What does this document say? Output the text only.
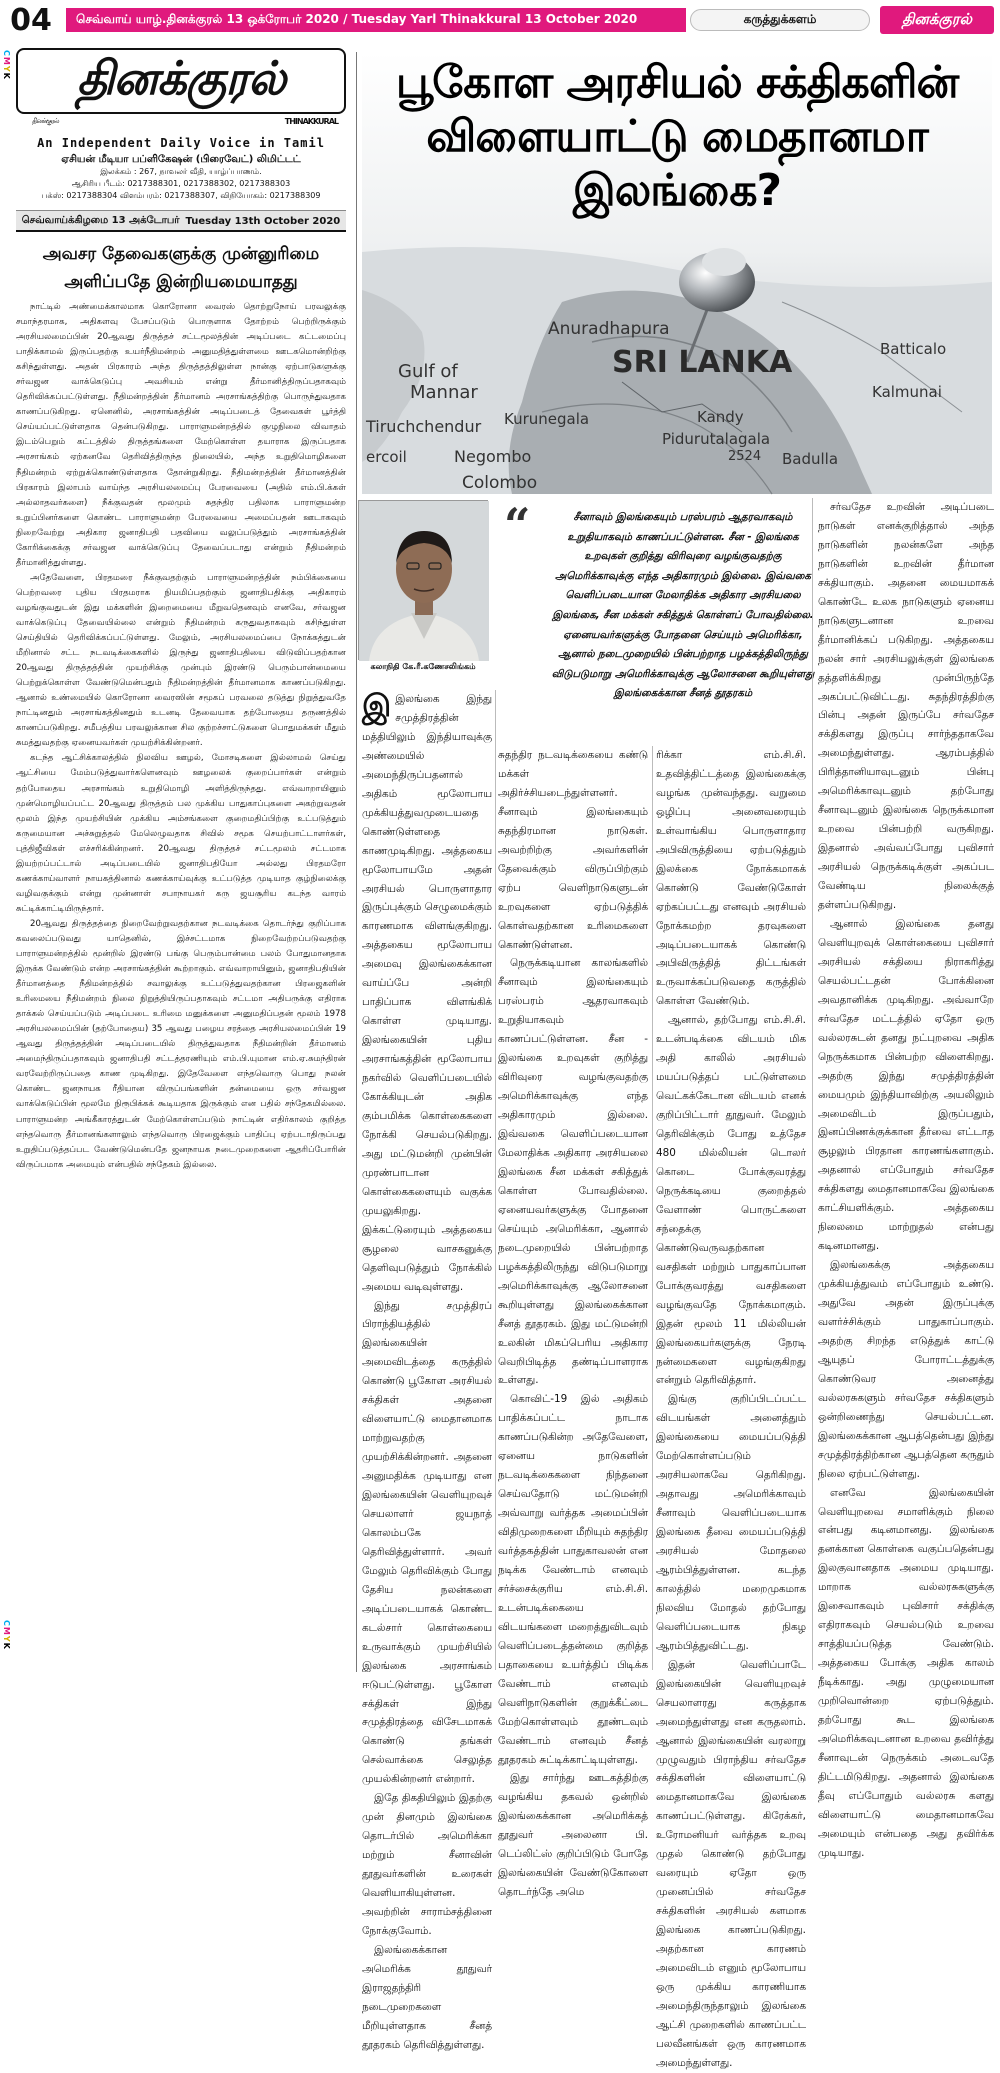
04	செவ்வாய் யாழ்.தினக்குரல் 13 ஒக்ரோபர் 2020 / Tuesday Yarl Thinakkural 13 October 2020	கருத்துக்களம்	தினக்குரல்
CMYK
CMYK
தினக்குரல்
தினக்குரல்	THINAKKURAL
An Independent Daily Voice in Tamil
ஏசியன் மீடியா பப்ளிகேஷன் (பிரைவேட்) லிமிட்டட்
இலக்கம் : 267, நாவலர் வீதி, யாழ்ப்பாணம்.
ஆசிரிய பீடம்: 0217388301, 0217388302, 0217388303
பக்ஸ்: 0217388304 விளம்பரம்: 0217388307, விநியோகம்: 0217388309
செவ்வாய்க்கிழமை 13 அக்டோபர் Tuesday 13th October 2020
அவசர தேவைகளுக்கு முன்னுரிமை
அளிப்பதே இன்றியமையாதது

நாட்டில் அண்மைக்காலமாக கொரோனா வைரஸ் தொற்றுநோய் பரவலுக்கு சமாந்தரமாக, அதிகளவு பேசப்படும் பொருளாக தோற்றம் பெற்றிருக்கும் அரசியலமைப்பின் 20ஆவது திருத்தச் சட்டமூலத்தின் அடிப்படை கட்டமைப்பு பாதிக்காமல் இருப்பதற்கு உயர்நீதிமன்றம் அனுமதித்துள்ளமை ஊடகமொன்றிற்கு கசிந்துள்ளது. அதன் பிரகாரம் அந்த திருத்தத்திலுள்ள நான்கு ஏற்பாடுகளுக்கு சர்வஜன வாக்கெடுப்பு அவசியம் என்று தீர்மானித்திருப்பதாகவும் தெரிவிக்கப்பட்டுள்ளது. நீதிமன்றத்தின் தீர்மானம் அரசாங்கத்திற்கு பொருந்துவதாக காணப்படுகிறது. ஏனெனில், அரசாங்கத்தின் அடிப்படைத் தேவைகள் பூர்த்தி செய்யப்பட்டுள்ளதாக தென்படுகிறது. பாராளுமன்றத்தில் குழுநிலை விவாதம் இடம்பெறும் கட்டத்தில் திருத்தங்களை மேற்கொள்ள தயாராக இருப்பதாக அரசாங்கம் ஏற்கனவே தெரிவித்திருந்த நிலையில், அந்த உறுதிமொழிகளை நீதிமன்றம் ஏற்றுக்கொண்டுள்ளதாக தோன்றுகிறது. நீதிமன்றத்தின் தீர்மானத்தின் பிரகாரம் இலாபம் வாய்ந்த அரசியலமைப்பு பேரவையை (அதில் எம்.பி.க்கள் அல்லாதவர்களை) நீக்குவதன் மூலமும் சுதந்திர பதிலாக பாராளுமன்ற உறுப்பினர்களை கொண்ட பாராளுமன்ற பேரவையை அமைப்பதன் ஊடாகவும் நிறைவேற்று அதிகார ஜனாதிபதி பதவியை வலுப்படுத்தும் அரசாங்கத்தின் கோரிக்கைக்கு சர்வஜன வாக்கெடுப்பு தேவைப்படாது என்றும் நீதிமன்றம் தீர்மானித்துள்ளது.

அதேவேளை, பிரதமரை நீக்குவதற்கும் பாராளுமன்றத்தின் நம்பிக்கையை பெற்றவரை புதிய பிரதமராக நியமிப்பதற்கும் ஜனாதிபதிக்கு அதிகாரம் வழங்குவதுடன் இது மக்களின் இறைமையை மீறுவதெனவும் எனவே, சர்வஜன வாக்கெடுப்பு தேவையில்லை என்றும் நீதிமன்றம் கருதுவதாகவும் கசிந்துள்ள செய்தியில் தெரிவிக்கப்பட்டுள்ளது. மேலும், அரசியலமைப்பை நோக்கத்துடன் மீறினால் சட்ட நடவடிக்கைகளில் இருந்து ஜனாதிபதியை விடுவிப்பதற்கான 20ஆவது திருத்தத்தின் முயற்சிக்கு முன்பும் இரண்டு பெரும்பான்மையை பெற்றுக்கொள்ள வேண்டுமென்பதும் நீதிமன்றத்தின் தீர்மானமாக காணப்படுகிறது. ஆனால் உண்மையில் கொரோனா வைரஸின் சமூகப் பரவலை தடுத்து நிறுத்துவதே நாட்டினதும் அரசாங்கத்தினதும் உடனடி தேவையாக தற்போதைய தருணத்தில் காணப்படுகிறது. சமீபத்திய பரவலுக்கான சில குற்றச்சாட்டுகளை பொதுமக்கள் மீதும் சுமத்துவதற்கு ஏனையவர்கள் முயற்சிக்கின்றனர்.

கடந்த ஆட்சிக்காலத்தில் நிலவிய ஊழல், மோசடிகளை இல்லாமல் செய்து ஆட்சியை மேம்படுத்துவார்களெனவும் ஊழலைக் குறைப்பார்கள் என்றும் தற்போதைய அரசாங்கம் உறுதிமொழி அளித்திருந்தது. எவ்வாறாயினும் முன்மொழியப்பட்ட 20ஆவது திருத்தம் பல முக்கிய பாதுகாப்புகளை அகற்றுவதன் மூலம் இந்த முயற்சியின் முக்கிய அம்சங்களை குறைமதிப்பிற்கு உட்படுத்தும் கருமையான அச்சுறுத்தல் மேலெழுவதாக சிவில் சமூக செயற்பாட்டாளர்கள், புத்திஜீவிகள் எச்சரிக்கின்றனர். 20ஆவது திருத்தச் சட்டமூலம் சட்டமாக இயற்றப்பட்டால் அடிப்படையில் ஜனாதிபதியோ அல்லது பிரதமரோ கணக்காய்வாளர் நாயகத்தினால் கணக்காய்வுக்கு உட்படுத்த முடியாத குழ்நிலைக்கு வழிவகுக்கும் என்று முன்னாள் சபாநாயகர் கரு ஜயசூரிய கடந்த வாரம் சுட்டிக்காட்டியிருந்தார்.

20ஆவது திருத்தத்தை நிறைவேற்றுவதற்கான நடவடிக்கை தொடர்ந்து குறிப்பாக கவலைப்படுவது யாதெனில், இச்சட்டமாக நிறைவேற்றப்படுவதற்கு பாராளுமன்றத்தில் மூன்றில் இரண்டு பங்கு பெரும்பான்மை பலம் போதுமானதாக இருக்க வேண்டும் என்ற அரசாங்கத்தின் கூற்றாகும். எவ்வாறாயினும், ஜனாதிபதியின் தீர்மானத்தை நீதிமன்றத்தில் சவாலுக்கு உட்படுத்துவதற்கான பிரஜைகளின் உரிமையை நீதிமன்றம் நிலை நிறுத்தியிருப்பதாகவும் சட்டமா அதிபருக்கு எதிராக தாக்கல் செய்யப்படும் அடிப்படை உரிமை மனுக்களை அனுமதிப்பதன் மூலம் 1978 அரசியலமைப்பின் (தற்போதைய) 35 ஆவது பழைய சரத்தை அரசியலமைப்பின் 19 ஆவது திருத்தத்தின் அடிப்படையில் திருத்துவதாக நீதிமன்றின் தீர்மானம் அமைந்திருப்பதாகவும் ஜனாதிபதி சட்டத்தரணியும் எம்.பி.யுமான எம்.ஏ.சுமந்திரன் வரவேற்றிருப்பதை காண முடிகிறது. இதேவேளை எந்தவொரு பொது நலன் கொண்ட ஜனநாயக ரீதியான விருப்பங்களின் தன்மையை ஒரு சர்வஜன வாக்கெடுப்பின் மூலமே நிரூபிக்கக் கூடியதாக இருக்கும் என பதில் சந்தேகமில்லை. பாராளுமன்ற அங்கீகாரத்துடன் மேற்கொள்ளப்படும் நாட்டின் எதிர்காலம் குறித்த எந்தவொரு தீர்மானங்களாலும் எந்தவொரு பிரஜைக்கும் பாதிப்பு ஏற்படாதிருப்பது உறுதிப்படுத்தப்பட வேண்டுமென்பதே ஜனநாயக நடைமுறைகளை ஆதரிப்போரின் விருப்பமாக அமையும் என்பதில் சந்தேகம் இல்லை.

Gulf of
Mannar
Anuradhapura
Tiruchchendur
ercoil
SRI LANKA
Kurunegala	Kandy
Pidurutalagala
Badulla
Negombo
Colombo
Batticalo
Kalmunai
2524
பூகோள அரசியல் சக்திகளின் விளையாட்டு மைதானமா இலங்கை?
கலாநிதி கே.ரீ.கணேசலிங்கம்
“	சீனாவும் இலங்கையும் பரஸ்பரம் ஆதரவாகவும் உறுதியாகவும் காணப்பட்டுள்ளன. சீன - இலங்கை உறவுகள் குறித்து விரிவுரை வழங்குவதற்கு அமெரிக்காவுக்கு எந்த அதிகாரமும் இல்லை. இவ்வகை வெளிப்படையான மேலாதிக்க அதிகார அரசியலை இலங்கை, சீன மக்கள் சகித்துக் கொள்ளப் போவதில்லை. ஏனையவர்களுக்கு போதனை செய்யும் அமெரிக்கா, ஆனால் நடைமுறையில் பின்பற்றாத பழக்கத்திலிருந்து விடுபடுமாறு அமெரிக்காவுக்கு ஆலோசனை கூறியுள்ளது இலங்கைக்கான சீனத் தூதரகம்

இஇலங்கை இந்து சமுத்திரத்தின் மத்தியிலும் இந்தியாவுக்கு அண்மையில் அமைந்திருப்பதனால் அதிகம் மூலோபாய முக்கியத்துவமுடையதை கொண்டுள்ளதை காணமுடிகிறது. அத்தகைய மூலோபாயமே அதன் அரசியல் பொருளாதார இருப்புக்கும் செழுமைக்கும் காரணமாக விளங்குகிறது. அத்தகைய மூலோபாய அமைவு இலங்கைக்கான வாய்ப்பே அன்றி பாதிப்பாக விளங்கிக் கொள்ள முடியாது. இலங்கையின் புதிய அரசாங்கத்தின் மூலோபாய நகர்வில் வெளிப்படையில் கோக்கியுடன் அதிக கும்பமிக்க கொள்கைகளை நோக்கி செயல்படுகிறது. அது மட்டுமன்றி முன்பின் முரண்பாடான கொள்கைகளையும் வகுக்க முயலுகிறது. இக்கட்டுரையும் அத்தகைய சூழலை வாசகனுக்கு தெளிவுபடுத்தும் நோக்கில் அமைய வடிவுள்ளது.

இந்து சமுத்திரப் பிராந்தியத்தில் இலங்கையின் அமைவிடத்தை கருத்தில் கொண்டு பூகோள அரசியல் சக்திகள் அதனை விளையாட்டு மைதானமாக மாற்றுவதற்கு முயற்சிக்கின்றனர். அதனை அனுமதிக்க முடியாது என இலங்கையின் வெளியுறவுச் செயலாளர் ஜயநாத் கொலம்பகே தெரிவித்துள்ளார். அவர் மேலும் தெரிவிக்கும் போது தேசிய நலன்களை அடிப்படையாகக் கொண்ட கடல்சார் கொள்கையை உருவாக்கும் முயற்சியில் இலங்கை அரசாங்கம் ஈடுபட்டுள்ளது. பூகோள சக்திகள் இந்து சமுத்திரத்தை விசேடமாகக் கொண்டு தங்கள் செல்வாக்கை செலுத்த முயல்கின்றனர் என்றார்.

இதே திகதியிலும் இதற்கு முன் தினமும் இலங்கை தொடர்பில் அமெரிக்கா மற்றும் சீனாவின் தூதுவர்களின் உரைகள் வெளியாகியுள்ளன. அவற்றின் சாராம்சத்தினை நோக்குவோம்.

இலங்கைக்கான அமெரிக்க தூதுவர் இராஜதந்திரி நடைமுறைகளை மீறியுள்ளதாக சீனத் தூதரகம் தெரிவித்துள்ளது.

சுதந்திர நடவடிக்கையை கண்டு மக்கள் அதிர்ச்சியடைந்துள்ளனர். சீனாவும் இலங்கையும் சுதந்திரமான நாடுகள். அவற்றிற்கு அவர்களின் தேவைக்கும் விருப்பிற்கும் ஏற்ப வெளிநாடுகளுடன் உறவுகளை ஏற்படுத்திக் கொள்வதற்கான உரிமைகளை கொண்டுள்ளன.

நெருக்கடியான காலங்களில் சீனாவும் இலங்கையும் பரஸ்பரம் ஆதரவாகவும் உறுதியாகவும் காணப்பட்டுள்ளன. சீன - இலங்கை உறவுகள் குறித்து விரிவுரை வழங்குவதற்கு அமெரிக்காவுக்கு எந்த அதிகாரமும் இல்லை. இவ்வகை வெளிப்படையான மேலாதிக்க அதிகார அரசியலை இலங்கை சீன மக்கள் சகித்துக் கொள்ள போவதில்லை. ஏனையவர்களுக்கு போதனை செய்யும் அமெரிக்கா, ஆனால் நடைமுறையில் பின்பற்றாத பழக்கத்திலிருந்து விடுபடுமாறு அமெரிக்காவுக்கு ஆலோசனை கூறியுள்ளது இலங்கைக்கான சீனத் தூதரகம். இது மட்டுமன்றி உலகின் மிகப்பெரிய அதிகார வெறிபிடித்த தண்டிப்பாளராக உள்ளது.

கொவிட்-19 இல் அதிகம் பாதிக்கப்பட்ட நாடாக காணப்படுகின்ற அதேவேளை, ஏனைய நாடுகளின் நடவடிக்கைகளை நிந்தனை செய்வதோடு மட்டுமன்றி அவ்வாறு வர்த்தக அமைப்பின் விதிமுறைகளை மீறியும் சுதந்திர வர்த்தகத்தின் பாதுகாவலன் என நடிக்க வேண்டாம் எனவும் சர்ச்சைக்குரிய எம்.சி.சி. உடன்படிக்கையை விடயங்களை மறைத்துவிடவும் வெளிப்படைத்தன்மை குறித்த பதாகையை உயர்த்திப் பிடிக்க வேண்டாம் எனவும் வெளிநாடுகளின் குறுக்கீட்டை மேற்கொள்ளவும் தூண்டவும் வேண்டாம் எனவும் சீனத் தூதரகம் சுட்டிக்காட்டியுள்ளது.

இது சார்ந்து ஊடகத்திற்கு வழங்கிய தகவல் ஒன்றில் இலங்கைக்கான அமெரிக்கத் தூதுவர் அலைனா பி. டெப்லிட்ஸ் குறிப்பிடும் போதே இலங்கையின் வேண்டுகோளை தொடர்ந்தே அமெ

ரிக்கா எம்.சி.சி. உதவித்திட்டத்தை இலங்கைக்கு வழங்க முன்வந்தது. வறுமை ஒழிப்பு அனைவரையும் உள்வாங்கிய பொருளாதார அபிவிருத்தியை ஏற்படுத்தும் இலக்கை நோக்கமாகக் கொண்டு வேண்டுகோள் ஏற்கப்பட்டது எனவும் அரசியல் நோக்கமற்ற தரவுகளை அடிப்படையாகக் கொண்டு அபிவிருத்தித் திட்டங்கள் உருவாக்கப்படுவதை கருத்தில் கொள்ள வேண்டும்.

ஆனால், தற்போது எம்.சி.சி. உடன்படிக்கை விடயம் மிக அதி காலில் அரசியல் மயப்படுத்தப் பட்டுள்ளமை வெட்கக்கேடான விடயம் எனக் குறிப்பிட்டார் தூதுவர். மேலும் தெரிவிக்கும் போது உத்தேச 480 மில்லியன் டொலர் கொடை போக்குவரத்து நெருக்கடியை குறைத்தல் வேளாண் பொருட்களை சந்தைக்கு கொண்டுவருவதற்கான வசதிகள் மற்றும் பாதுகாப்பான போக்குவரத்து வசதிகளை வழங்குவதே நோக்கமாகும். இதன் மூலம் 11 மில்லியன் இலங்கையர்களுக்கு நேரடி நன்மைகளை வழங்குகிறது என்றும் தெரிவித்தார்.

இங்கு குறிப்பிடப்பட்ட விடயங்கள் அனைத்தும் இலங்கையை மையப்படுத்தி மேற்கொள்ளப்படும் அரசியலாகவே தெரிகிறது. அதாவது அமெரிக்காவும் சீனாவும் வெளிப்படையாக இலங்கை தீவை மையப்படுத்தி அரசியல் மோதலை ஆரம்பித்துள்ளன. கடந்த காலத்தில் மறைமுகமாக நிலவிய மோதல் தற்போது வெளிப்படையாக நிகழ ஆரம்பித்துவிட்டது.

இதன் வெளிப்பாடே இலங்கையின் வெளியுறவுச் செயலாளரது கருத்தாக அமைந்துள்ளது என கருதலாம். ஆனால் இலங்கையின் வரலாறு முழுவதும் பிராந்திய சர்வதேச சக்திகளின் விளையாட்டு மைதானமாகவே இலங்கை காணப்பட்டுள்ளது. கிரேக்கர், உரோமனியர் வர்த்தக உறவு முதல் கொண்டு தற்போது வரையும் ஏதோ ஒரு முனைப்பில் சர்வதேச சக்திகளின் அரசியல் களமாக இலங்கை காணப்படுகிறது. அதற்கான காரணம் அமைவிடம் எனும் மூலோபாய ஒரு முக்கிய காரணியாக அமைந்திருந்தாலும் இலங்கை ஆட்சி முறைகளில் காணப்பட்ட பலவீனங்கள் ஒரு காரணமாக அமைந்துள்ளது.

சர்வதேச உறவின் அடிப்படை நாடுகள் எனக்குறித்தால் அந்த நாடுகளின் நலன்களே அந்த நாடுகளின் உறவின் தீர்மான சக்தியாகும். அதனை மையமாகக் கொண்டே உலக நாடுகளும் ஏனைய நாடுகளுடனான உறவை தீர்மானிக்கப் படுகிறது. அத்தகைய நலன் சார் அரசியலுக்குள் இலங்கை தத்தளிக்கிறது முன்பிருந்தே அகப்பட்டுவிட்டது. சுதந்திரத்திற்கு பின்பு அதன் இருப்பே சர்வதேச சக்திகளது இருப்பு சார்ந்ததாகவே அமைந்துள்ளது. ஆரம்பத்தில் பிரித்தானியாவுடனும் பின்பு அமெரிக்காவுடனும் தற்போது சீனாவுடனும் இலங்கை நெருக்கமான உறவை பின்பற்றி வருகிறது. இதனால் அவ்வப்போது புவிசார் அரசியல் நெருக்கடிக்குள் அகப்பட வேண்டிய நிலைக்குத் தள்ளப்படுகிறது.

ஆனால் இலங்கை தனது வெளியுறவுக் கொள்கையை புவிசார் அரசியல் சக்தியை நிராகரித்து செயல்பட்டதன் போக்கினை அவதானிக்க முடிகிறது. அவ்வாறே சர்வதேச மட்டத்தில் ஏதோ ஒரு வல்லரசுடன் தனது நட்புறவை அதிக நெருக்கமாக பின்பற்ற விளைகிறது. அதற்கு இந்து சமுத்திரத்தின் மையமும் இந்தியாவிற்கு அயலிலும் அமைவிடம் இருப்பதும், இனப்பிணக்குக்கான தீர்வை எட்டாத சூழலும் பிரதான காரணங்களாகும். அதனால் எப்போதும் சர்வதேச சக்திகளது மைதானமாகவே இலங்கை காட்சியளிக்கும். அத்தகைய நிலைமை மாற்றுதல் என்பது கடினமானது.

இலங்கைக்கு அத்தகைய முக்கியத்துவம் எப்போதும் உண்டு. அதுவே அதன் இருப்புக்கு வளர்ச்சிக்கும் பாதுகாப்பாகும். அதற்கு சிறந்த எடுத்துக் காட்டு ஆயுதப் போராட்டத்துக்கு கொண்டுவர அனைத்து வல்லரசுகளும் சர்வதேச சக்திகளும் ஒன்றிணைந்து செயல்பட்டன. இலங்கைக்கான ஆபத்தென்பது இந்து சமுத்திரத்திற்கான ஆபத்தென கருதும் நிலை ஏற்பட்டுள்ளது.

எனவே இலங்கையின் வெளியுறவை சமாளிக்கும் நிலை என்பது கடினமானது. இலங்கை தனக்கான கொள்கை வகுப்பதென்பது இலகுவானதாக அமைய முடியாது. மாறாக வல்லரசுகளுக்கு இசைவாகவும் புவிசார் சக்திக்கு எதிராகவும் செயல்படும் உறவை சாத்தியப்படுத்த வேண்டும். அத்தகைய போக்கு அதிக காலம் நீடிக்காது. அது முழுமையான முறிவொன்றை ஏற்படுத்தும். தற்போது கூட இலங்கை அமெரிக்கவுடனான உறவை தவிர்த்து சீனாவுடன் நெருக்கம் அடைவதே திட்டமிடுகிறது. அதனால் இலங்கை தீவு எப்போதும் வல்லரசு களது விளையாட்டு மைதானமாகவே அமையும் என்பதை அது தவிர்க்க முடியாது.
